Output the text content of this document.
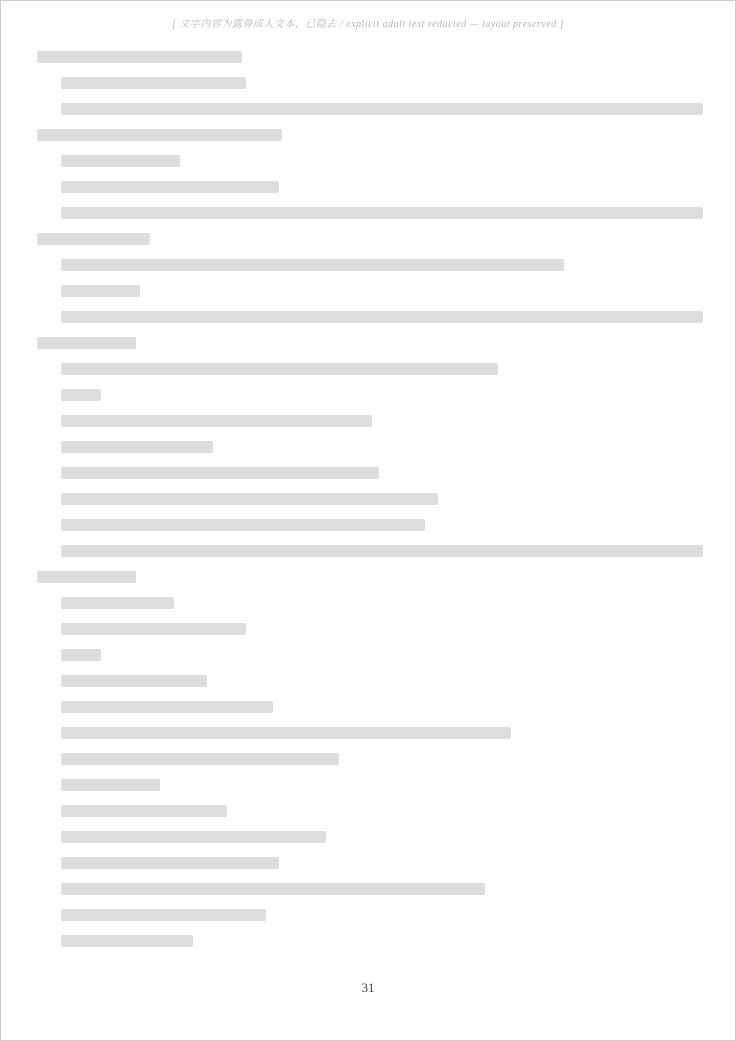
[ 文字内容为露骨成人文本，已隐去 / explicit adult text redacted — layout preserved ]
31
